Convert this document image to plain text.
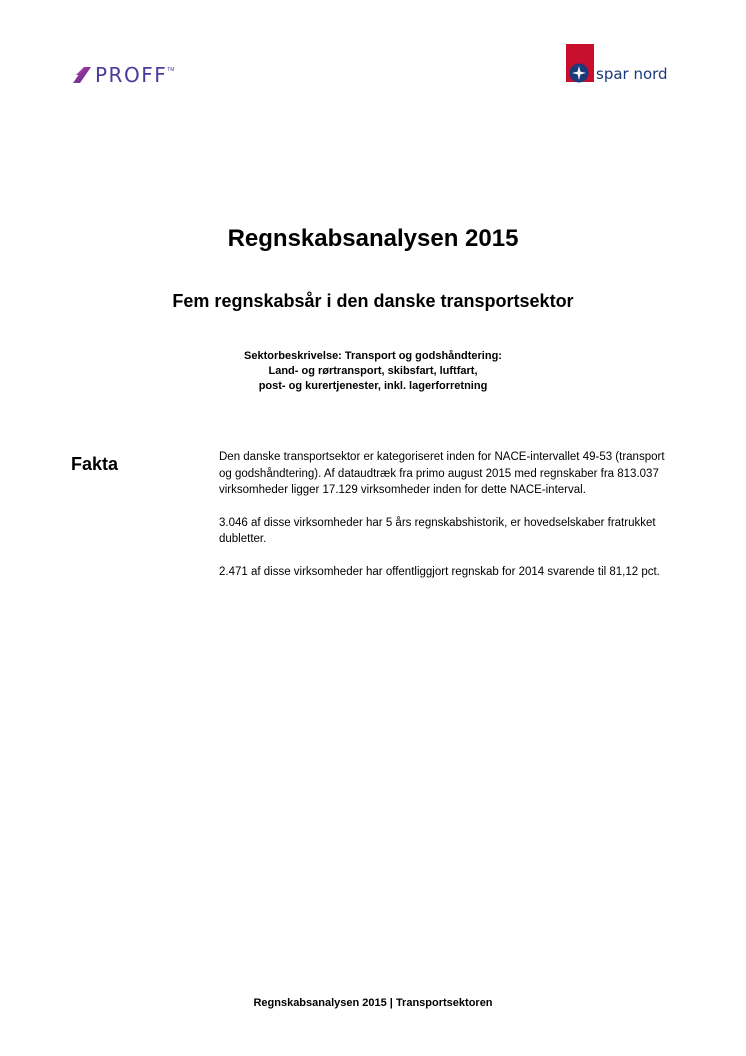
PROFF TM	spar nord
Regnskabsanalysen 2015
Fem regnskabsår i den danske transportsektor
Sektorbeskrivelse: Transport og godshåndtering:
Land- og rørtransport, skibsfart, luftfart,
post- og kurertjenester, inkl. lagerforretning
Fakta	Den danske transportsektor er kategoriseret inden for NACE-intervallet 49-53 (transport og godshåndtering). Af dataudtræk fra primo august 2015 med regnskaber fra 813.037 virksomheder ligger 17.129 virksomheder inden for dette NACE-interval.

3.046 af disse virksomheder har 5 års regnskabshistorik, er hovedselskaber fratrukket dubletter.

2.471 af disse virksomheder har offentliggjort regnskab for 2014 svarende til 81,12 pct.

Regnskabsanalysen 2015 | Transportsektoren
